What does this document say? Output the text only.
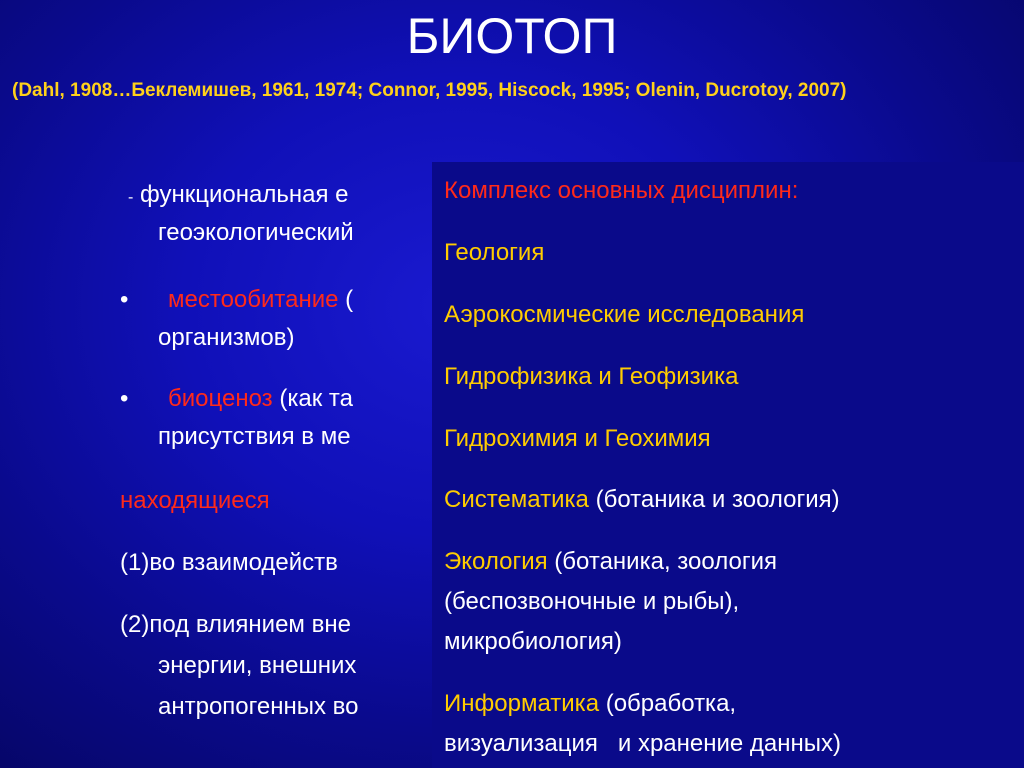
БИОТОП

(Dahl, 1908…Беклемишев, 1961, 1974; Connor, 1995, Hiscock, 1995; Olenin, Ducrotoy, 2007)

- функциональная е
геоэкологический
• местообитание (
организмов)
• биоценоз (как та
присутствия в ме
находящиеся
(1)во взаимодейств
(2)под влиянием вне
энергии, внешних
антропогенных во
Комплекс основных дисциплин:
Геология
Аэрокосмические исследования
Гидрофизика и Геофизика
Гидрохимия и Геохимия
Систематика (ботаника и зоология)
Экология (ботаника, зоология
(беспозвоночные и рыбы),
микробиология)
Информатика (обработка,
визуализация   и хранение данных)
